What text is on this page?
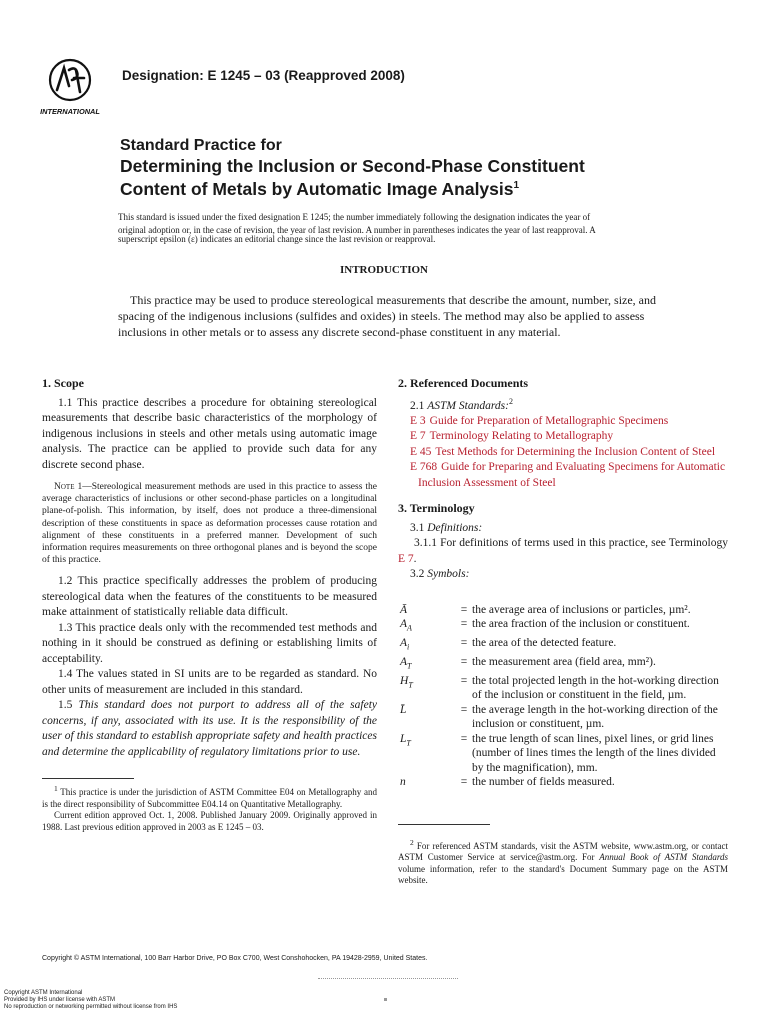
INTERNATIONAL
Designation: E 1245 – 03 (Reapproved 2008)
Standard Practice for
Determining the Inclusion or Second-Phase Constituent
Content of Metals by Automatic Image Analysis$^1$

This standard is issued under the fixed designation E 1245; the number immediately following the designation indicates the year of

original adoption or, in the case of revision, the year of last revision. A number in parentheses indicates the year of last reapproval. A

superscript epsilon (ε) indicates an editorial change since the last revision or reapproval.

INTRODUCTION

This practice may be used to produce stereological measurements that describe the amount, number, size, and spacing of the indigenous inclusions (sulfides and oxides) in steels. The method may also be applied to assess inclusions in other metals or to assess any discrete second-phase constituent in any material.

1. Scope

1.1 This practice describes a procedure for obtaining stereological measurements that describe basic characteristics of the morphology of indigenous inclusions in steels and other metals using automatic image analysis. The practice can be applied to provide such data for any discrete second phase.

Note 1—Stereological measurement methods are used in this practice to assess the average characteristics of inclusions or other second-phase particles on a longitudinal plane-of-polish. This information, by itself, does not produce a three-dimensional description of these constituents in space as deformation processes cause rotation and alignment of these constituents in a preferred manner. Development of such information requires measurements on three orthogonal planes and is beyond the scope of this practice.

1.2 This practice specifically addresses the problem of producing stereological data when the features of the constituents to be measured make attainment of statistically reliable data difficult.

1.3 This practice deals only with the recommended test methods and nothing in it should be construed as defining or establishing limits of acceptability.

1.4 The values stated in SI units are to be regarded as standard. No other units of measurement are included in this standard.

1.5 This standard does not purport to address all of the safety concerns, if any, associated with its use. It is the responsibility of the user of this standard to establish appropriate safety and health practices and determine the applicability of regulatory limitations prior to use.

$^1$ This practice is under the jurisdiction of ASTM Committee E04 on Metallography and is the direct responsibility of Subcommittee E04.14 on Quantitative Metallography.

Current edition approved Oct. 1, 2008. Published January 2009. Originally approved in 1988. Last previous edition approved in 2003 as E 1245 – 03.

2. Referenced Documents

2.1 ASTM Standards:$^2$

E 3 Guide for Preparation of Metallographic Specimens

E 7 Terminology Relating to Metallography

E 45 Test Methods for Determining the Inclusion Content of Steel

E 768 Guide for Preparing and Evaluating Specimens for Automatic Inclusion Assessment of Steel

3. Terminology

3.1 Definitions:

3.1.1 For definitions of terms used in this practice, see Terminology E 7.

3.2 Symbols:

Ā	= the average area of inclusions or particles, µm².
$A_A$	= the area fraction of the inclusion or constituent.
$A_i$	= the area of the detected feature.
$A_T$	= the measurement area (field area, mm²).
$H_T$	= the total projected length in the hot-working direction of the inclusion or constituent in the field, µm.
L̄	= the average length in the hot-working direction of the inclusion or constituent, µm.
$L_T$	= the true length of scan lines, pixel lines, or grid lines (number of lines times the length of the lines divided by the magnification), mm.
n	= the number of fields measured.

$^2$ For referenced ASTM standards, visit the ASTM website, www.astm.org, or contact ASTM Customer Service at service@astm.org. For Annual Book of ASTM Standards volume information, refer to the standard's Document Summary page on the ASTM website.

Copyright © ASTM International, 100 Barr Harbor Drive, PO Box C700, West Conshohocken, PA 19428-2959, United States.
Copyright ASTM International
Provided by IHS under license with ASTM
No reproduction or networking permitted without license from IHS
